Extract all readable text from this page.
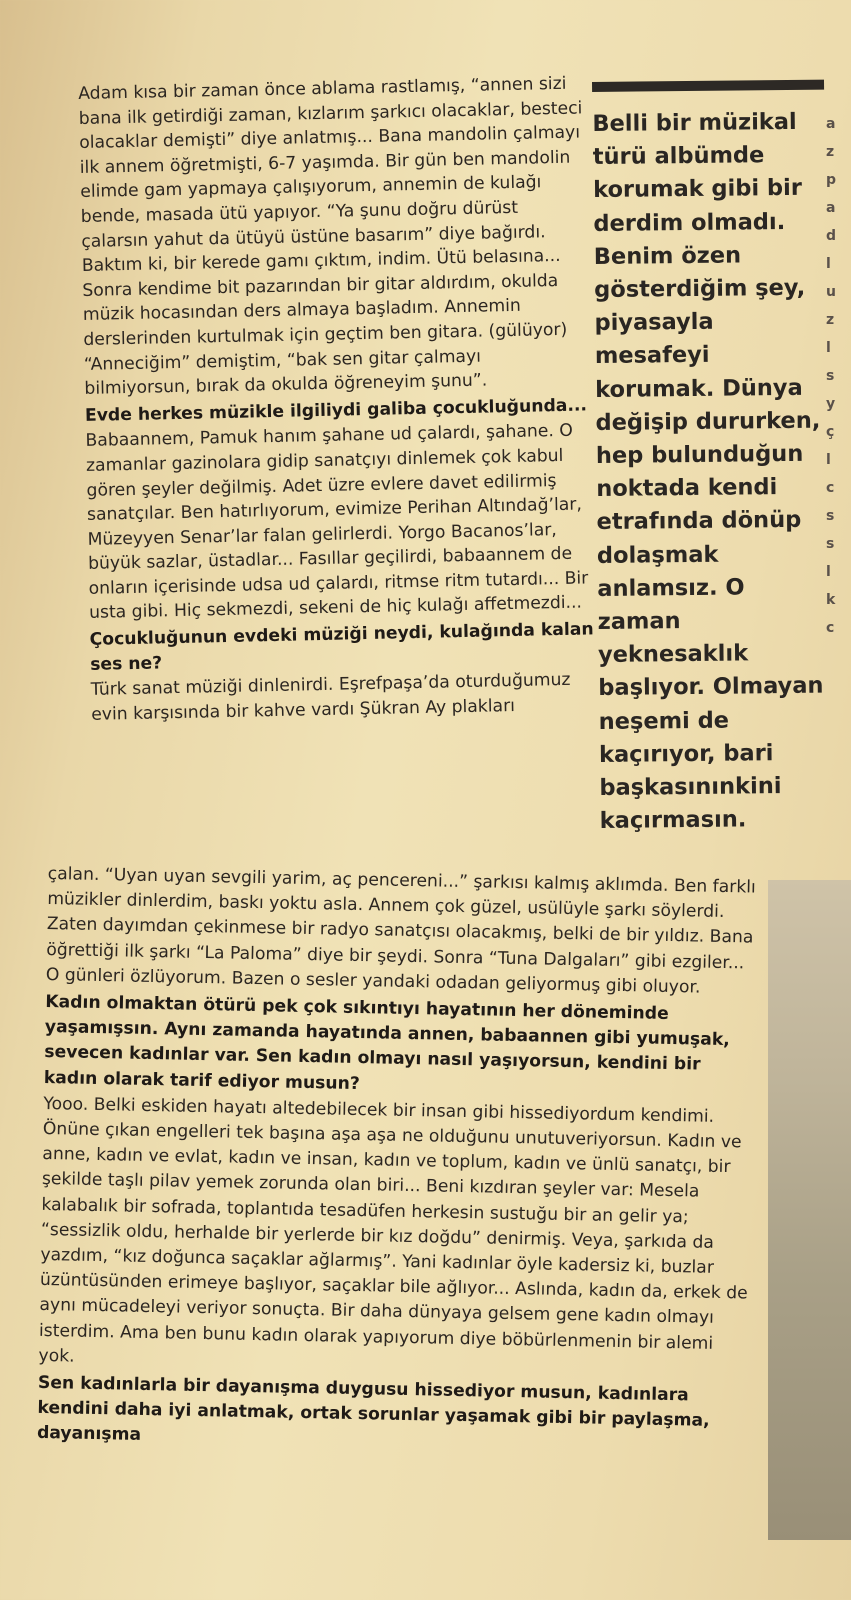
Adam kısa bir zaman önce ablama rastlamış, “annen sizi bana ilk getirdiği zaman, kızlarım şarkıcı olacaklar, besteci olacaklar demişti” diye anlatmış... Bana mandolin çalmayı ilk annem öğretmişti, 6-7 yaşımda. Bir gün ben mandolin elimde gam yapmaya çalışıyorum, annemin de kulağı bende, masada ütü yapıyor. “Ya şunu doğru dürüst çalarsın yahut da ütüyü üstüne basarım” diye bağırdı. Baktım ki, bir kerede gamı çıktım, indim. Ütü belasına... Sonra kendime bit pazarından bir gitar aldırdım, okulda müzik hocasından ders almaya başladım. Annemin derslerinden kurtulmak için geçtim ben gitara. (gülüyor) “Anneciğim” demiştim, “bak sen gitar çalmayı bilmiyorsun, bırak da okulda öğreneyim şunu”.

Evde herkes müzikle ilgiliydi galiba çocukluğunda...

Babaannem, Pamuk hanım şahane ud çalardı, şahane. O zamanlar gazinolara gidip sanatçıyı dinlemek çok kabul gören şeyler değilmiş. Adet üzre evlere davet edilirmiş sanatçılar. Ben hatırlıyorum, evimize Perihan Altındağ’lar, Müzeyyen Senar’lar falan gelirlerdi. Yorgo Bacanos’lar, büyük sazlar, üstadlar... Fasıllar geçilirdi, babaannem de onların içerisinde udsa ud çalardı, ritmse ritm tutardı... Bir usta gibi. Hiç sekmezdi, sekeni de hiç kulağı affetmezdi...

Çocukluğunun evdeki müziği neydi, kulağında kalan ses ne?

Türk sanat müziği dinlenirdi. Eşrefpaşa’da oturduğumuz evin karşısında bir kahve vardı Şükran Ay plakları

Belli bir müzikal türü albümde korumak gibi bir derdim olmadı. Benim özen gösterdiğim şey, piyasayla mesafeyi korumak. Dünya değişip dururken, hep bulunduğun noktada kendi etrafında dönüp dolaşmak anlamsız. O zaman yeknesaklık başlıyor. Olmayan neşemi de kaçırıyor, bari başkasınınkini kaçırmasın.

çalan. “Uyan uyan sevgili yarim, aç pencereni...” şarkısı kalmış aklımda. Ben farklı müzikler dinlerdim, baskı yoktu asla. Annem çok güzel, usülüyle şarkı söylerdi. Zaten dayımdan çekinmese bir radyo sanatçısı olacakmış, belki de bir yıldız. Bana öğrettiği ilk şarkı “La Paloma” diye bir şeydi. Sonra “Tuna Dalgaları” gibi ezgiler... O günleri özlüyorum. Bazen o sesler yandaki odadan geliyormuş gibi oluyor.

Kadın olmaktan ötürü pek çok sıkıntıyı hayatının her döneminde yaşamışsın. Aynı zamanda hayatında annen, babaannen gibi yumuşak, sevecen kadınlar var. Sen kadın olmayı nasıl yaşıyorsun, kendini bir kadın olarak tarif ediyor musun?

Yooo. Belki eskiden hayatı altedebilecek bir insan gibi hissediyordum kendimi. Önüne çıkan engelleri tek başına aşa aşa ne olduğunu unutuveriyorsun. Kadın ve anne, kadın ve evlat, kadın ve insan, kadın ve toplum, kadın ve ünlü sanatçı, bir şekilde taşlı pilav yemek zorunda olan biri... Beni kızdıran şeyler var: Mesela kalabalık bir sofrada, toplantıda tesadüfen herkesin sustuğu bir an gelir ya; “sessizlik oldu, herhalde bir yerlerde bir kız doğdu” denirmiş. Veya, şarkıda da yazdım, “kız doğunca saçaklar ağlarmış”. Yani kadınlar öyle kadersiz ki, buzlar üzüntüsünden erimeye başlıyor, saçaklar bile ağlıyor... Aslında, kadın da, erkek de aynı mücadeleyi veriyor sonuçta. Bir daha dünyaya gelsem gene kadın olmayı isterdim. Ama ben bunu kadın olarak yapıyorum diye böbürlenmenin bir alemi yok.

Sen kadınlarla bir dayanışma duygusu hissediyor musun, kadınlara kendini daha iyi anlatmak, ortak sorunlar yaşamak gibi bir paylaşma, dayanışma

a
z
p
a
d
l
u
z
l
s
y
ç
l
c
s
s
l
k
c
